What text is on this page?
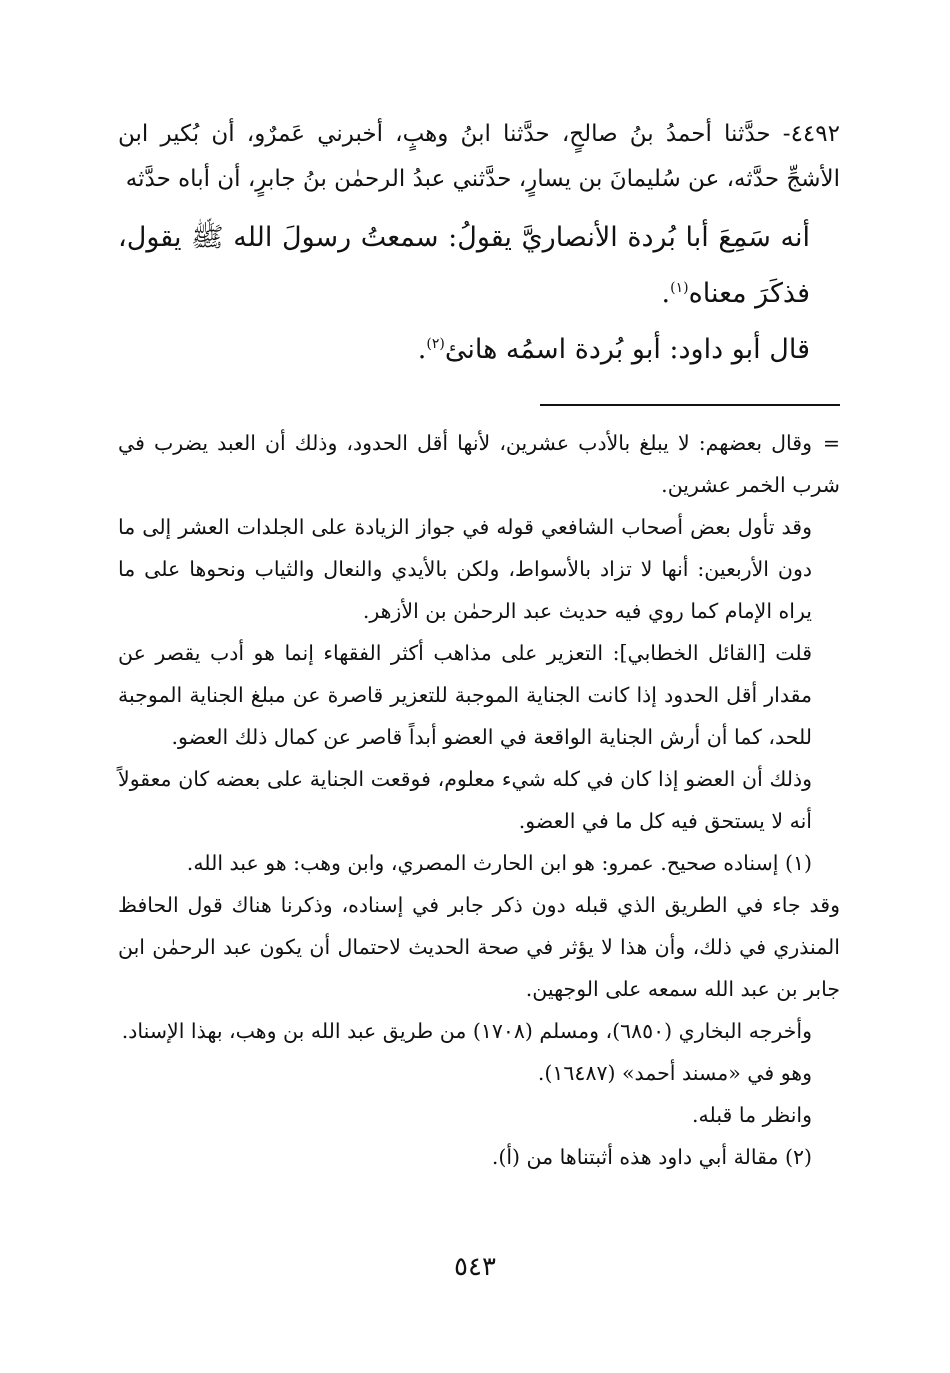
٤٤٩٢- حدَّثنا أحمدُ بنُ صالحٍ، حدَّثنا ابنُ وهبٍ، أخبرني عَمرٌو، أن بُكير ابن الأشجِّ حدَّثه، عن سُليمانَ بن يسارٍ، حدَّثني عبدُ الرحمٰن بنُ جابرٍ، أن أباه حدَّثه

أنه سَمِعَ أبا بُردة الأنصاريَّ يقولُ: سمعتُ رسولَ الله ﷺ يقول، فذكَرَ معناه$^{(١)}$.

قال أبو داود: أبو بُردة اسمُه هانئ$^{(٢)}$.

=وقال بعضهم: لا يبلغ بالأدب عشرين، لأنها أقل الحدود، وذلك أن العبد يضرب في شرب الخمر عشرين.

وقد تأول بعض أصحاب الشافعي قوله في جواز الزيادة على الجلدات العشر إلى ما دون الأربعين: أنها لا تزاد بالأسواط، ولكن بالأيدي والنعال والثياب ونحوها على ما يراه الإمام كما روي فيه حديث عبد الرحمٰن بن الأزهر.

قلت [القائل الخطابي]: التعزير على مذاهب أكثر الفقهاء إنما هو أدب يقصر عن مقدار أقل الحدود إذا كانت الجناية الموجبة للتعزير قاصرة عن مبلغ الجناية الموجبة للحد، كما أن أرش الجناية الواقعة في العضو أبداً قاصر عن كمال ذلك العضو.

وذلك أن العضو إذا كان في كله شيء معلوم، فوقعت الجناية على بعضه كان معقولاً أنه لا يستحق فيه كل ما في العضو.

(١) إسناده صحيح. عمرو: هو ابن الحارث المصري، وابن وهب: هو عبد الله.

وقد جاء في الطريق الذي قبله دون ذكر جابر في إسناده، وذكرنا هناك قول الحافظ المنذري في ذلك، وأن هذا لا يؤثر في صحة الحديث لاحتمال أن يكون عبد الرحمٰن ابن جابر بن عبد الله سمعه على الوجهين.

وأخرجه البخاري (٦٨٥٠)، ومسلم (١٧٠٨) من طريق عبد الله بن وهب، بهذا الإسناد.

وهو في «مسند أحمد» (١٦٤٨٧).

وانظر ما قبله.

(٢) مقالة أبي داود هذه أثبتناها من (أ).

٥٤٣
